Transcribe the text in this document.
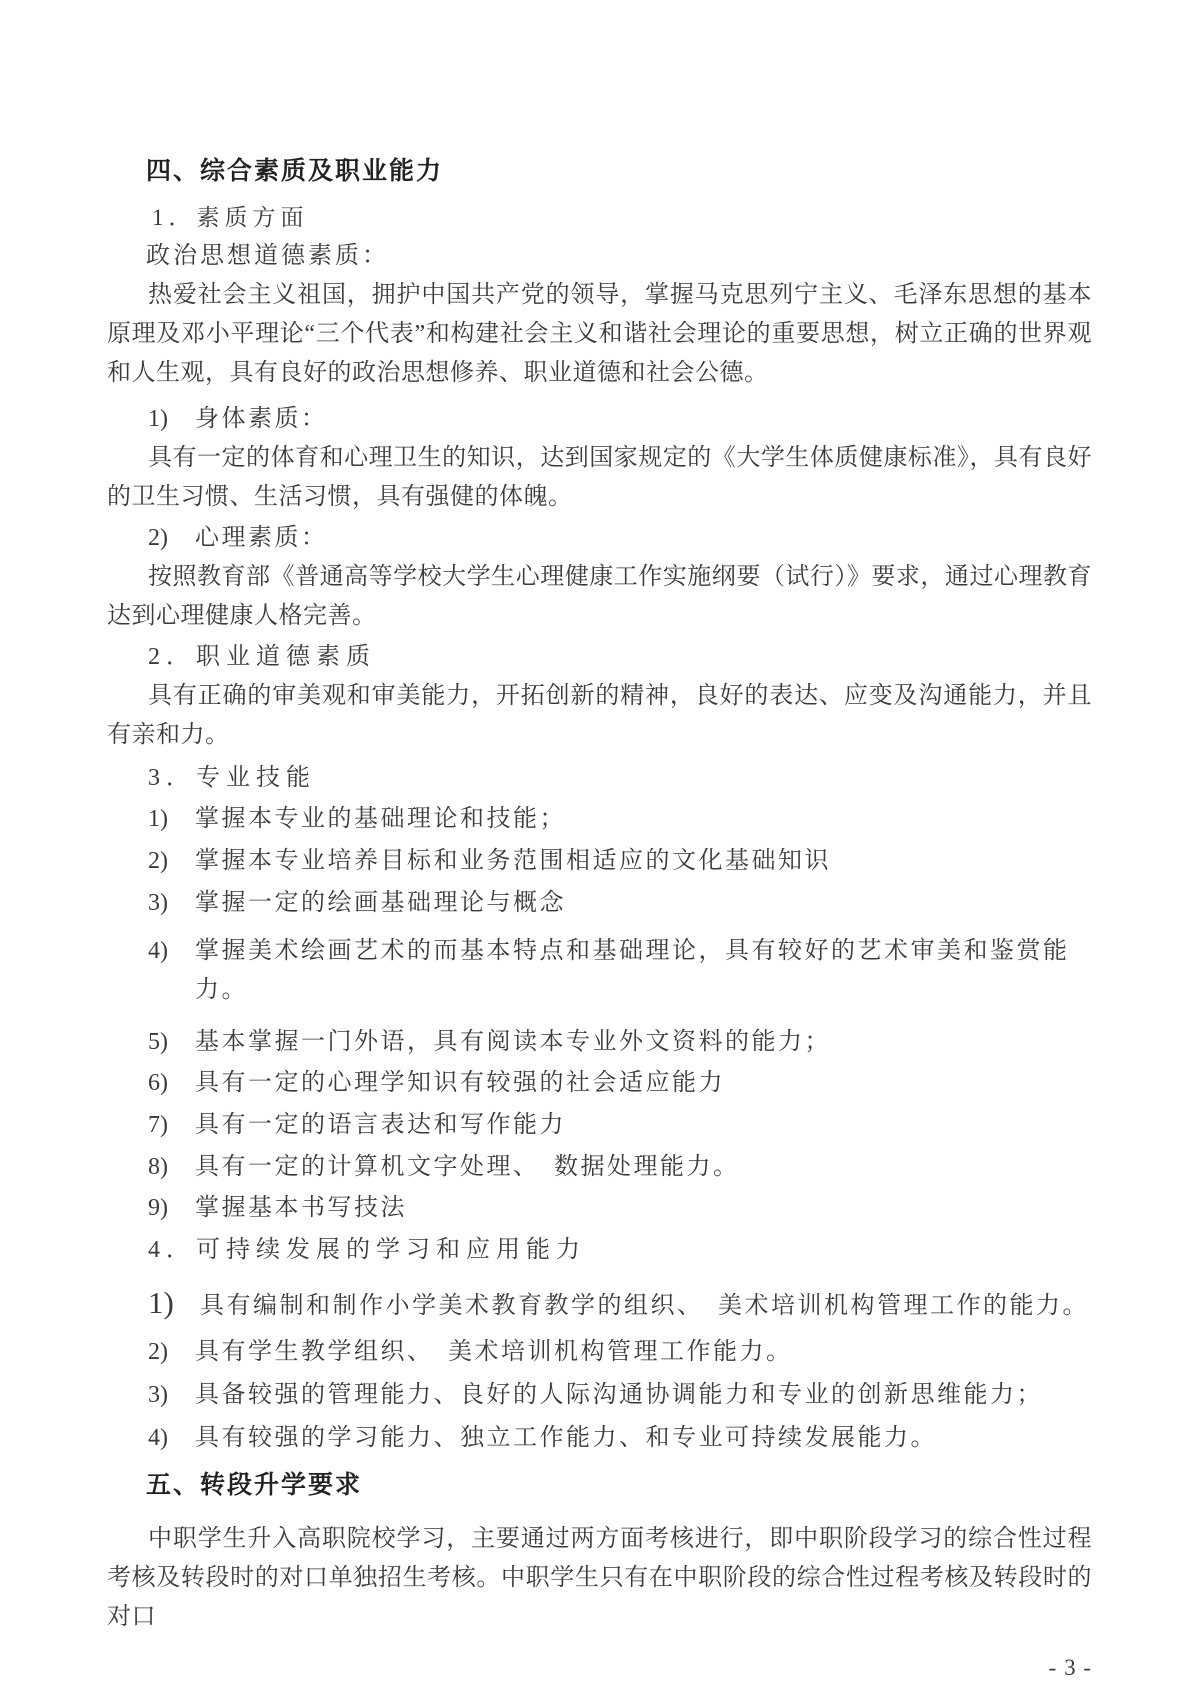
四、综合素质及职业能力
1．素质方面
政治思想道德素质：

热爱社会主义祖国，拥护中国共产党的领导，掌握马克思列宁主义、毛泽东思想的基本原理及邓小平理论“三个代表”和构建社会主义和谐社会理论的重要思想，树立正确的世界观和人生观，具有良好的政治思想修养、职业道德和社会公德。

1)	身体素质：

具有一定的体育和心理卫生的知识，达到国家规定的《大学生体质健康标准》，具有良好的卫生习惯、生活习惯，具有强健的体魄。

2)	心理素质：

按照教育部《普通高等学校大学生心理健康工作实施纲要（试行）》要求，通过心理教育达到心理健康人格完善。

2．职业道德素质

具有正确的审美观和审美能力，开拓创新的精神，良好的表达、应变及沟通能力，并且有亲和力。

3．专业技能
1)	掌握本专业的基础理论和技能；
2)	掌握本专业培养目标和业务范围相适应的文化基础知识
3)	掌握一定的绘画基础理论与概念
4)	掌握美术绘画艺术的而基本特点和基础理论，具有较好的艺术审美和鉴赏能力。
5)	基本掌握一门外语，具有阅读本专业外文资料的能力；
6)	具有一定的心理学知识有较强的社会适应能力
7)	具有一定的语言表达和写作能力
8)	具有一定的计算机文字处理、　数据处理能力。
9)	掌握基本书写技法
4．可持续发展的学习和应用能力
1)	具有编制和制作小学美术教育教学的组织、　美术培训机构管理工作的能力。
2)	具有学生教学组织、　美术培训机构管理工作能力。
3)	具备较强的管理能力、良好的人际沟通协调能力和专业的创新思维能力；
4)	具有较强的学习能力、独立工作能力、和专业可持续发展能力。
五、转段升学要求

中职学生升入高职院校学习，主要通过两方面考核进行，即中职阶段学习的综合性过程考核及转段时的对口单独招生考核。中职学生只有在中职阶段的综合性过程考核及转段时的对口

- 3 -
